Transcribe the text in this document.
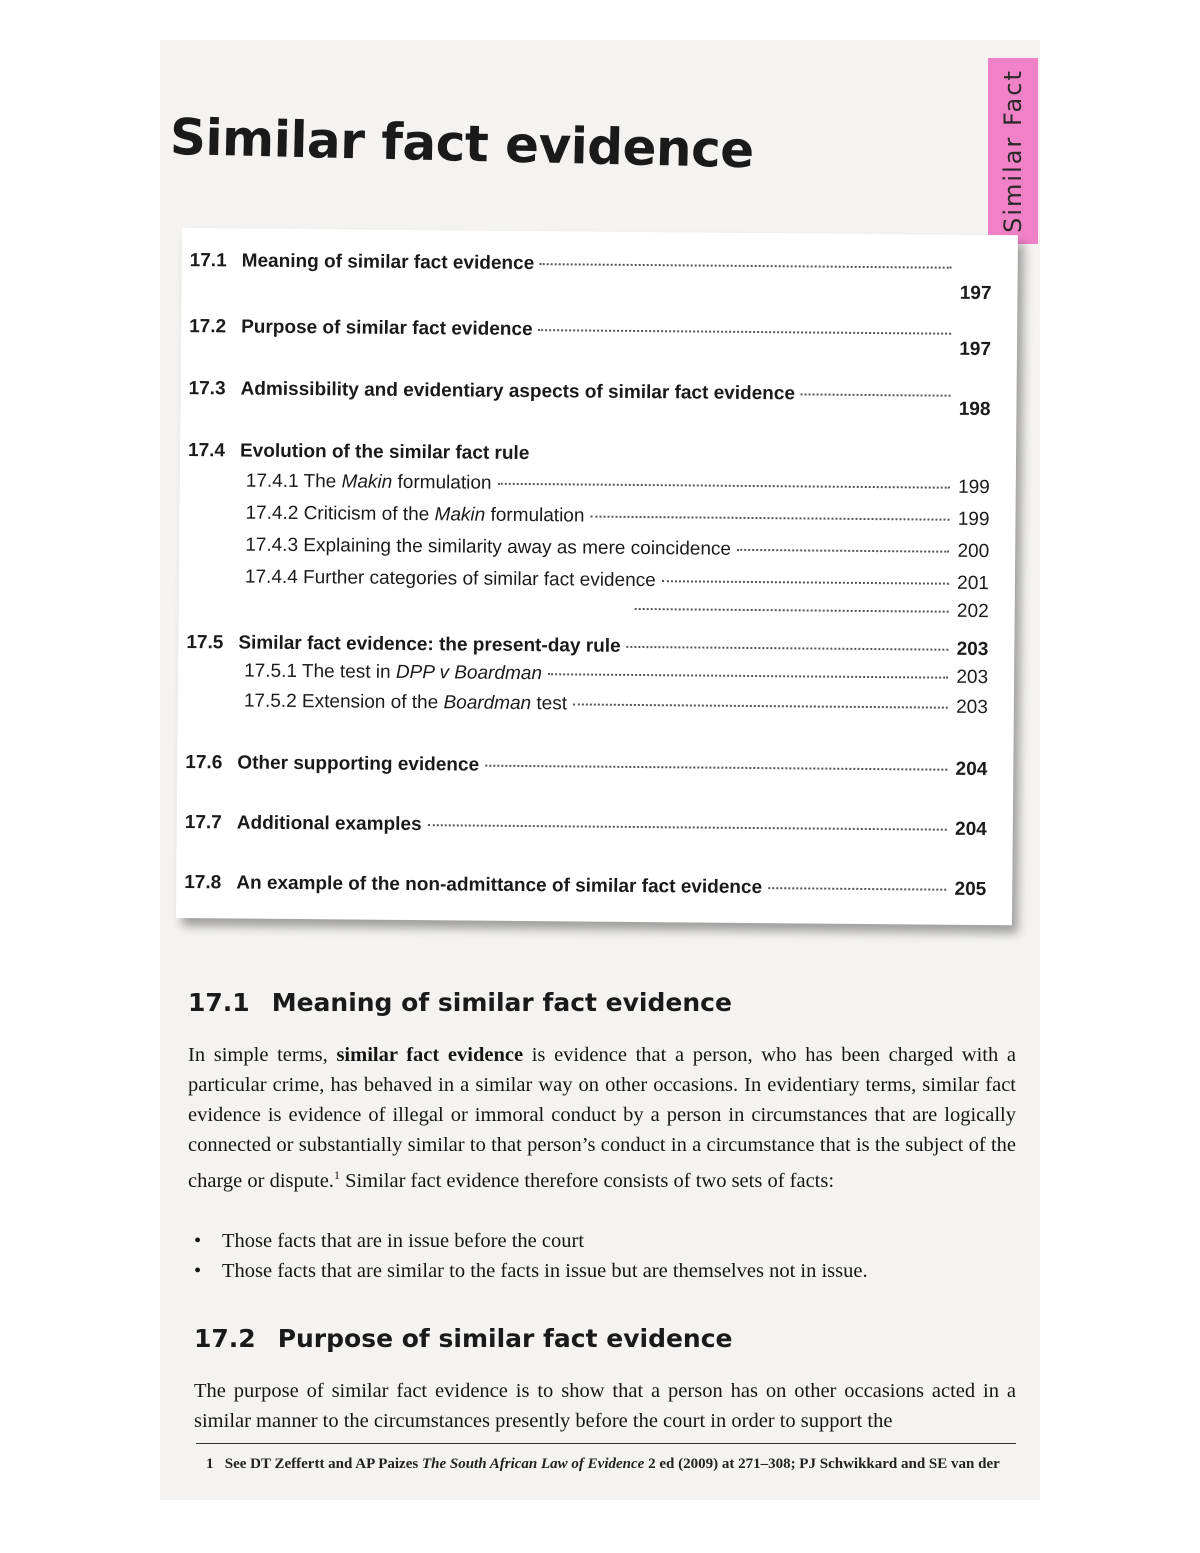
Similar Fact
Similar fact evidence
17.1 Meaning of similar fact evidence
197
17.2 Purpose of similar fact evidence
197
17.3 Admissibility and evidentiary aspects of similar fact evidence
198
17.4 Evolution of the similar fact rule
17.4.1 The Makin formulation	199
17.4.2 Criticism of the Makin formulation	199
17.4.3 Explaining the similarity away as mere coincidence	200
17.4.4 Further categories of similar fact evidence	201
202
17.5 Similar fact evidence: the present-day rule	203
17.5.1 The test in DPP v Boardman	203
17.5.2 Extension of the Boardman test	203
17.6 Other supporting evidence	204
17.7 Additional examples	204
17.8 An example of the non-admittance of similar fact evidence	205
17.1 Meaning of similar fact evidence
In simple terms, similar fact evidence is evidence that a person, who has been charged with a particular crime, has behaved in a similar way on other occasions. In evidentiary terms, similar fact evidence is evidence of illegal or immoral conduct by a person in circumstances that are logically connected or substantially similar to that person’s conduct in a circumstance that is the subject of the charge or dispute.$^1$ Similar fact evidence therefore consists of two sets of facts:
• Those facts that are in issue before the court
• Those facts that are similar to the facts in issue but are themselves not in issue.
17.2 Purpose of similar fact evidence
The purpose of similar fact evidence is to show that a person has on other occasions acted in a similar manner to the circumstances presently before the court in order to support the
1 See DT Zeffertt and AP Paizes The South African Law of Evidence 2 ed (2009) at 271–308; PJ Schwikkard and SE van der
